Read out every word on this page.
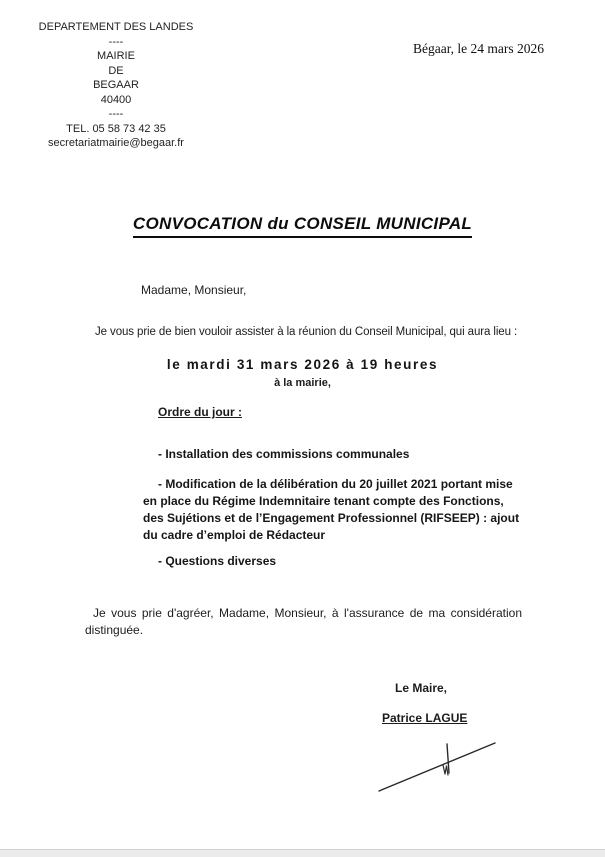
DEPARTEMENT DES LANDES
----
MAIRIE
DE
BEGAAR
40400
----
TEL. 05 58 73 42 35
secretariatmairie@begaar.fr
Bégaar, le 24 mars 2026
CONVOCATION du CONSEIL MUNICIPAL
Madame, Monsieur,
Je vous prie de bien vouloir assister à la réunion du Conseil Municipal, qui aura lieu :
le mardi 31 mars 2026 à 19 heures
à la mairie,
Ordre du jour :
- Installation des commissions communales
- Modification de la délibération du 20 juillet 2021 portant mise en place du Régime Indemnitaire tenant compte des Fonctions, des Sujétions et de l’Engagement Professionnel (RIFSEEP) : ajout du cadre d’emploi de Rédacteur
- Questions diverses
Je vous prie d'agréer, Madame, Monsieur, à l'assurance de ma considération distinguée.
Le Maire,
Patrice LAGUE
